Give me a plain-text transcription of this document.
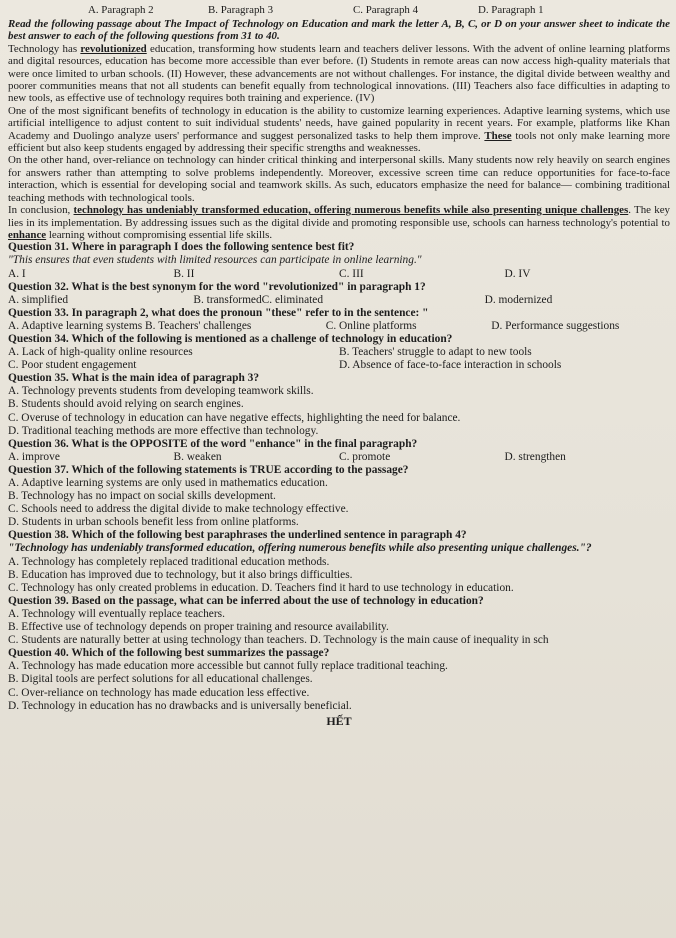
A. Paragraph 2	B. Paragraph 3	C. Paragraph 4	D. Paragraph 1

Read the following passage about The Impact of Technology on Education and mark the letter A, B, C, or D on your answer sheet to indicate the best answer to each of the following questions from 31 to 40.

Technology has revolutionized education, transforming how students learn and teachers deliver lessons. With the advent of online learning platforms and digital resources, education has become more accessible than ever before. (I) Students in remote areas can now access high-quality materials that were once limited to urban schools. (II) However, these advancements are not without challenges. For instance, the digital divide between wealthy and poorer communities means that not all students can benefit equally from technological innovations. (III) Teachers also face difficulties in adapting to new tools, as effective use of technology requires both training and experience. (IV)

One of the most significant benefits of technology in education is the ability to customize learning experiences. Adaptive learning systems, which use artificial intelligence to adjust content to suit individual students' needs, have gained popularity in recent years. For example, platforms like Khan Academy and Duolingo analyze users' performance and suggest personalized tasks to help them improve. These tools not only make learning more efficient but also keep students engaged by addressing their specific strengths and weaknesses.

On the other hand, over-reliance on technology can hinder critical thinking and interpersonal skills. Many students now rely heavily on search engines for answers rather than attempting to solve problems independently. Moreover, excessive screen time can reduce opportunities for face-to-face interaction, which is essential for developing social and teamwork skills. As such, educators emphasize the need for balance— combining traditional teaching methods with technological tools.

In conclusion, technology has undeniably transformed education, offering numerous benefits while also presenting unique challenges. The key lies in its implementation. By addressing issues such as the digital divide and promoting responsible use, schools can harness technology's potential to enhance learning without compromising essential life skills.

Question 31. Where in paragraph I does the following sentence best fit?
"This ensures that even students with limited resources can participate in online learning."
A. I	B. II	C. III	D. IV
Question 32. What is the best synonym for the word "revolutionized" in paragraph 1?
A. simplified	B. transformedC. eliminated	D. modernized
Question 33. In paragraph 2, what does the pronoun "these" refer to in the sentence: "
A. Adaptive learning systems B. Teachers' challenges	C. Online platforms	D. Performance suggestions
Question 34. Which of the following is mentioned as a challenge of technology in education?
A. Lack of high-quality online resources	B. Teachers' struggle to adapt to new tools
C. Poor student engagement	D. Absence of face-to-face interaction in schools
Question 35. What is the main idea of paragraph 3?
A. Technology prevents students from developing teamwork skills.
B. Students should avoid relying on search engines.
C. Overuse of technology in education can have negative effects, highlighting the need for balance.
D. Traditional teaching methods are more effective than technology.
Question 36. What is the OPPOSITE of the word "enhance" in the final paragraph?
A. improve	B. weaken	C. promote	D. strengthen
Question 37. Which of the following statements is TRUE according to the passage?
A. Adaptive learning systems are only used in mathematics education.
B. Technology has no impact on social skills development.
C. Schools need to address the digital divide to make technology effective.
D. Students in urban schools benefit less from online platforms.
Question 38. Which of the following best paraphrases the underlined sentence in paragraph 4?
"Technology has undeniably transformed education, offering numerous benefits while also presenting unique challenges."?
A. Technology has completely replaced traditional education methods.
B. Education has improved due to technology, but it also brings difficulties.
C. Technology has only created problems in education. D. Teachers find it hard to use technology in education.
Question 39. Based on the passage, what can be inferred about the use of technology in education?
A. Technology will eventually replace teachers.
B. Effective use of technology depends on proper training and resource availability.
C. Students are naturally better at using technology than teachers. D. Technology is the main cause of inequality in sch
Question 40. Which of the following best summarizes the passage?
A. Technology has made education more accessible but cannot fully replace traditional teaching.
B. Digital tools are perfect solutions for all educational challenges.
C. Over-reliance on technology has made education less effective.
D. Technology in education has no drawbacks and is universally beneficial.
HẾT
